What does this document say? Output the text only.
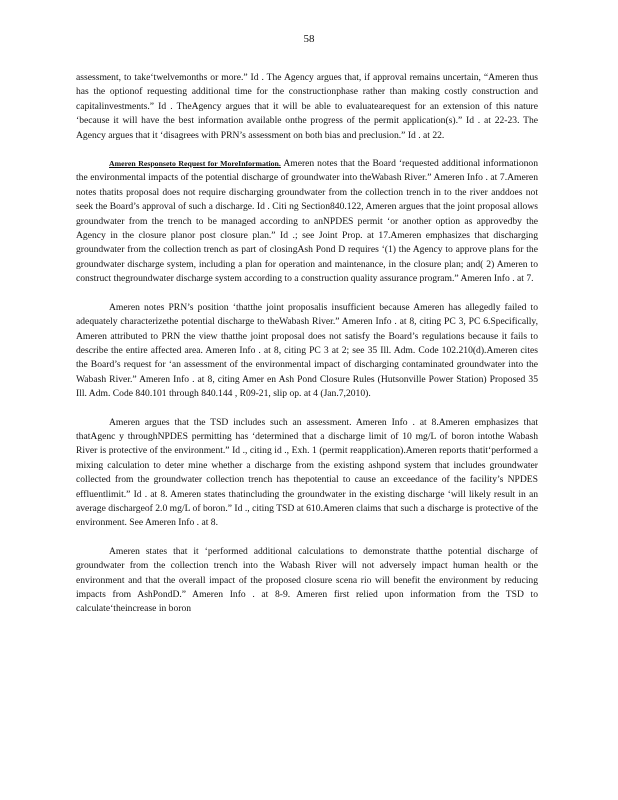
58

assessment, to take‘twelvemonths or more.” Id . The Agency argues that, if approval remains uncertain, “Ameren thus has the optionof requesting additional time for the constructionphase rather than making costly construction and capitalinvestments.” Id . TheAgency argues that it will be able to evaluatearequest for an extension of this nature ‘because it will have the best information available onthe progress of the permit application(s).” Id . at 22-23. The Agency argues that it ‘disagrees with PRN’s assessment on both bias and preclusion.” Id . at 22.

Ameren Responseto Request for MoreInformation. Ameren notes that the Board ‘requested additional informationon the environmental impacts of the potential discharge of groundwater into theWabash River.” Ameren Info . at 7.Ameren notes thatits proposal does not require discharging groundwater from the collection trench in to the river anddoes not seek the Board’s approval of such a discharge. Id . Citi ng Section840.122, Ameren argues that the joint proposal allows groundwater from the trench to be managed according to anNPDES permit ‘or another option as approvedby the Agency in the closure planor post closure plan.” Id .; see Joint Prop. at 17.Ameren emphasizes that discharging groundwater from the collection trench as part of closingAsh Pond D requires ‘(1) the Agency to approve plans for the groundwater discharge system, including a plan for operation and maintenance, in the closure plan; and( 2) Ameren to construct thegroundwater discharge system according to a construction quality assurance program.” Ameren Info . at 7.

Ameren notes PRN’s position ‘thatthe joint proposalis insufficient because Ameren has allegedly failed to adequately characterizethe potential discharge to theWabash River.” Ameren Info . at 8, citing PC 3, PC 6.Specifically, Ameren attributed to PRN the view thatthe joint proposal does not satisfy the Board’s regulations because it fails to describe the entire affected area. Ameren Info . at 8, citing PC 3 at 2; see 35 Ill. Adm. Code 102.210(d).Ameren cites the Board’s request for ‘an assessment of the environmental impact of discharging contaminated groundwater into the Wabash River.” Ameren Info . at 8, citing Amer en Ash Pond Closure Rules (Hutsonville Power Station) Proposed 35 Ill. Adm. Code 840.101 through 840.144 , R09-21, slip op. at 4 (Jan.7,2010).

Ameren argues that the TSD includes such an assessment. Ameren Info . at 8.Ameren emphasizes that thatAgenc y throughNPDES permitting has ‘determined that a discharge limit of 10 mg/L of boron intothe Wabash River is protective of the environment.” Id ., citing id ., Exh. 1 (permit reapplication).Ameren reports thatit‘performed a mixing calculation to deter mine whether a discharge from the existing ashpond system that includes groundwater collected from the groundwater collection trench has thepotential to cause an exceedance of the facility’s NPDES effluentlimit.” Id . at 8. Ameren states thatincluding the groundwater in the existing discharge ‘will likely result in an average dischargeof 2.0 mg/L of boron.” Id ., citing TSD at 610.Ameren claims that such a discharge is protective of the environment. See Ameren Info . at 8.

Ameren states that it ‘performed additional calculations to demonstrate thatthe potential discharge of groundwater from the collection trench into the Wabash River will not adversely impact human health or the environment and that the overall impact of the proposed closure scena rio will benefit the environment by reducing impacts from AshPondD.” Ameren Info . at 8-9. Ameren first relied upon information from the TSD to calculate‘theincrease in boron
